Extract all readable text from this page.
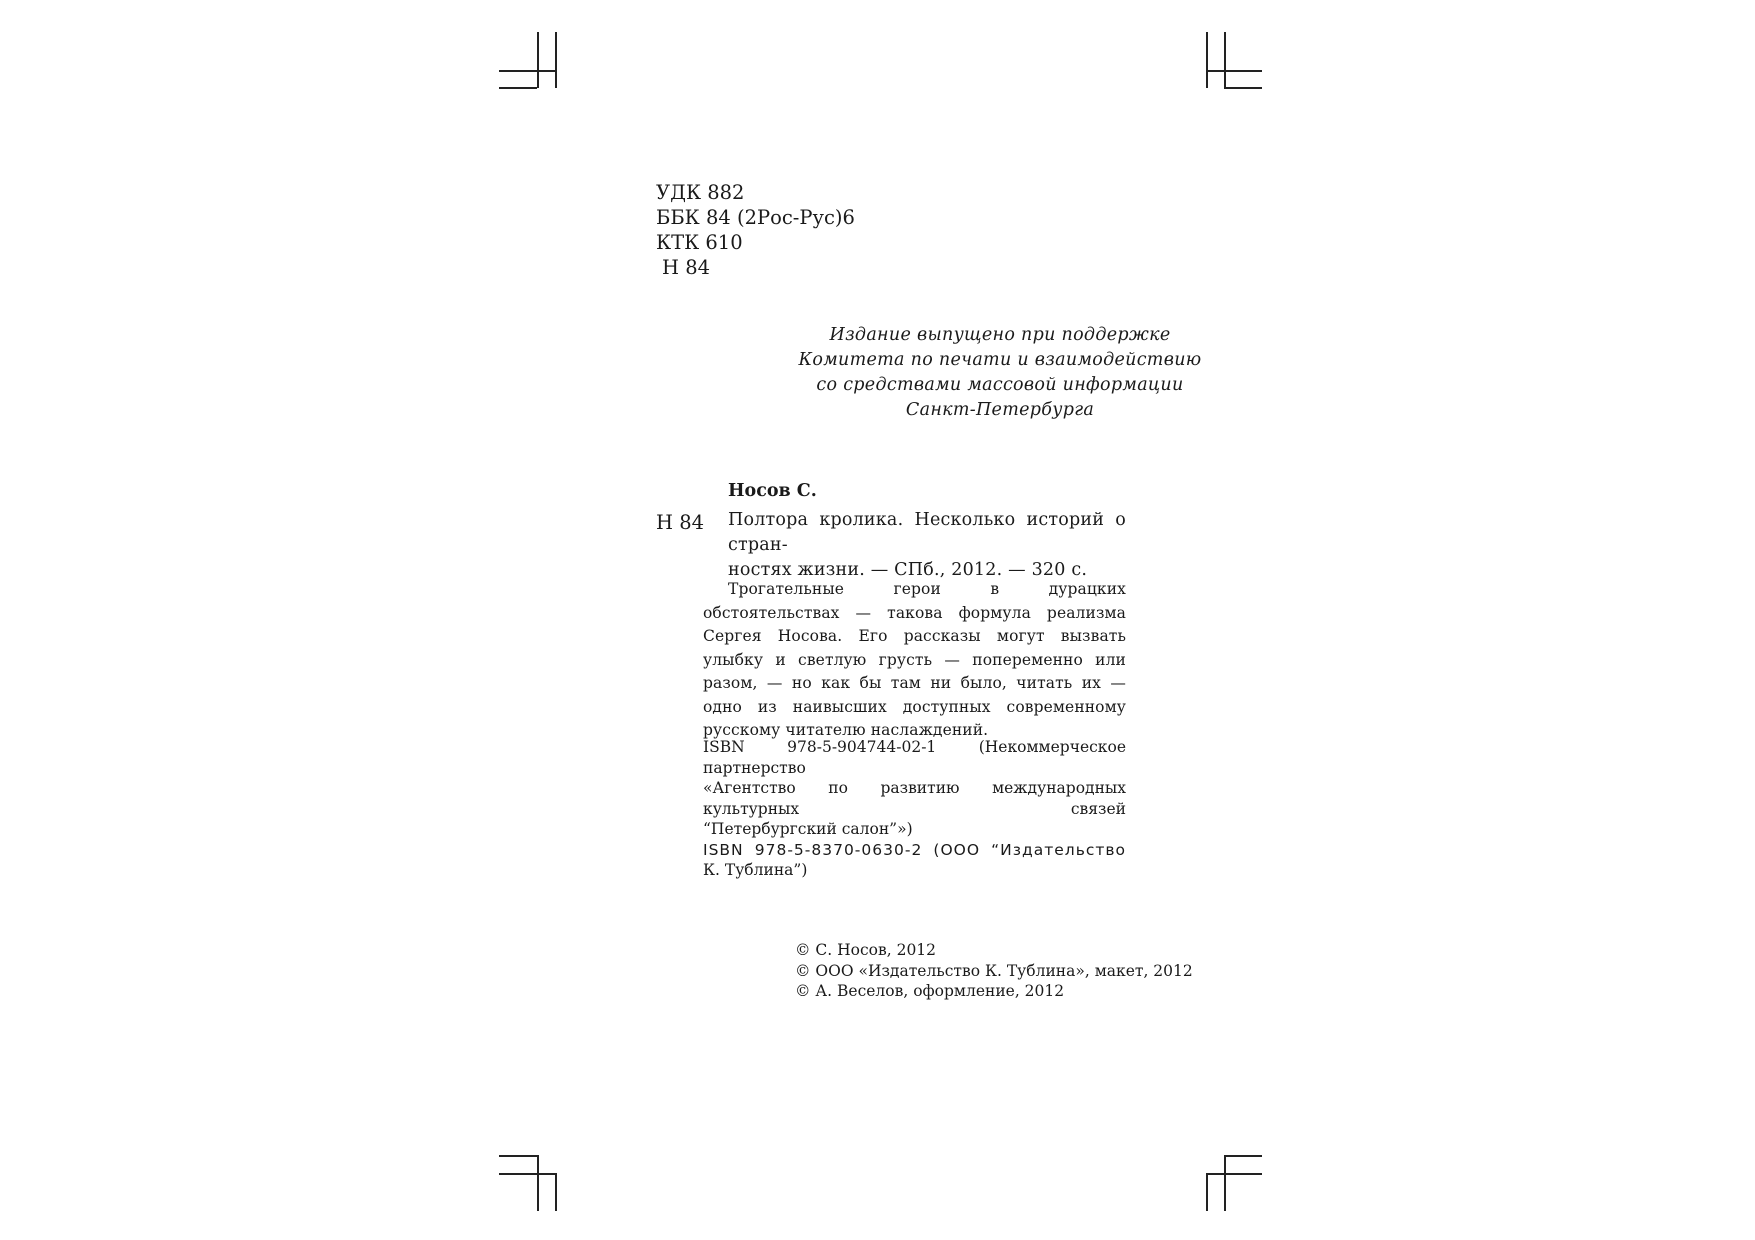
УДК 882
ББК 84 (2Рос-Рус)6
КТК 610
Н 84
Издание выпущено при поддержке
Комитета по печати и взаимодействию
со средствами массовой информации
Санкт-Петербурга
Носов С.
Н 84 Полтора кролика. Несколько историй о стран-
ностях жизни. — СПб., 2012. — 320 с.
Трогательные герои в дурацких обстоятельствах — такова формула реализма Сергея Носова. Его рассказы могут вызвать улыбку и светлую грусть — попеременно или разом, — но как бы там ни было, читать их — одно из наивысших доступных современному русскому читателю наслаждений.
ISBN 978-5-904744-02-1 (Некоммерческое партнерство
«Агентство по развитию международных культурных связей
“Петербургский салон”»)
ISBN 978-5-8370-0630-2 (ООО “Издательство
К. Тублина”)
© С. Носов, 2012
© ООО «Издательство К. Тублина», макет, 2012
© А. Веселов, оформление, 2012
